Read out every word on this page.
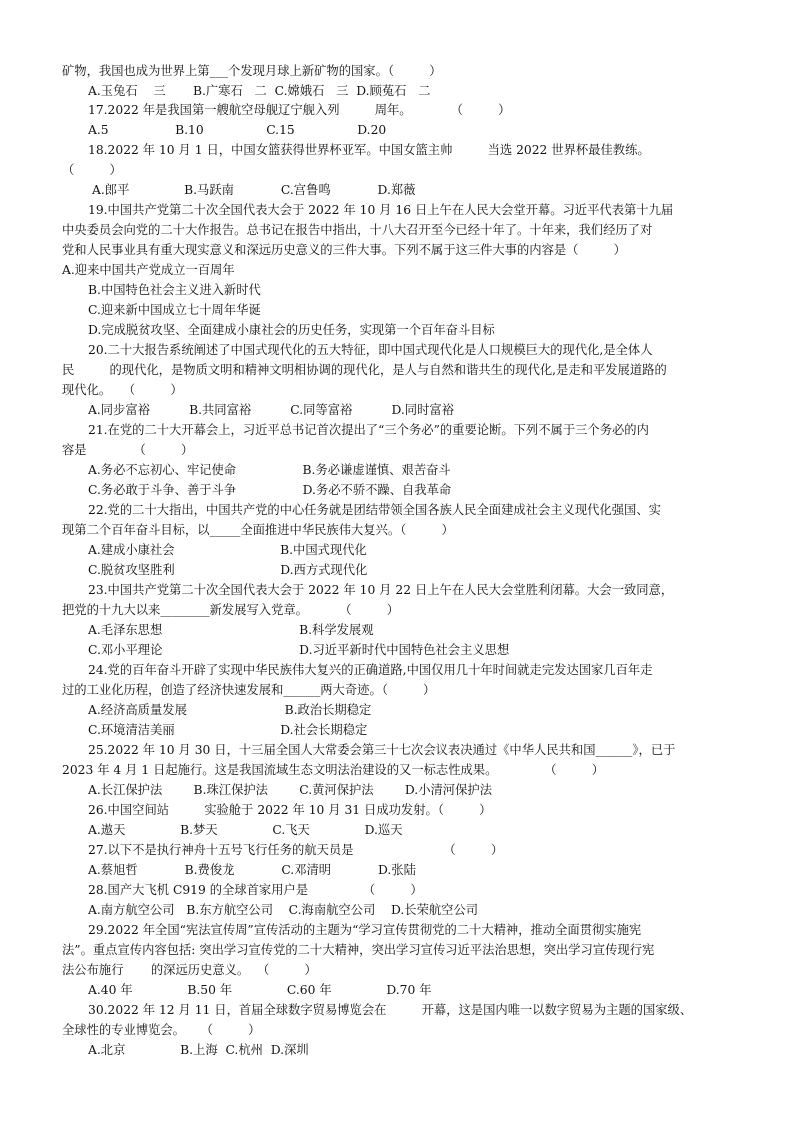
矿物，我国也成为世界上第___个发现月球上新矿物的国家。（         ）
A.玉兔石    三       B.广寒石   二  C.嫦娥石   三  D.顾菟石   二
17.2022 年是我国第一艘航空母舰辽宁舰入列         周年。          （         ）
A.5                 B.10                C.15                D.20
18.2022 年 10 月 1 日，中国女篮获得世界杯亚军。中国女篮主帅         当选 2022 世界杯最佳教练。
（         ）
A.郎平              B.马跃南            C.宫鲁鸣            D.郑薇
19.中国共产党第二十次全国代表大会于 2022 年 10 月 16 日上午在人民大会堂开幕。习近平代表第十九届
中央委员会向党的二十大作报告。总书记在报告中指出，十八大召开至今已经十年了。十年来，我们经历了对
党和人民事业具有重大现实意义和深远历史意义的三件大事。下列不属于这三件大事的内容是（         ）
A.迎来中国共产党成立一百周年
B.中国特色社会主义进入新时代
C.迎来新中国成立七十周年华诞
D.完成脱贫攻坚、全面建成小康社会的历史任务，实现第一个百年奋斗目标
20.二十大报告系统阐述了中国式现代化的五大特征，即中国式现代化是人口规模巨大的现代化,是全体人
民         的现代化，是物质文明和精神文明相协调的现代化，是人与自然和谐共生的现代化,是走和平发展道路的
现代化。   （         ）
A.同步富裕          B.共同富裕          C.同等富裕          D.同时富裕
21.在党的二十大开幕会上，习近平总书记首次提出了“三个务必”的重要论断。下列不属于三个务必的内
容是            （         ）
A.务必不忘初心、牢记使命                 B.务必谦虚谨慎、艰苦奋斗
C.务必敢于斗争、善于斗争                 D.务必不骄不躁、自我革命
22.党的二十大指出，中国共产党的中心任务就是团结带领全国各族人民全面建成社会主义现代化强国、实
现第二个百年奋斗目标，以_____全面推进中华民族伟大复兴。（         ）
A.建成小康社会                           B.中国式现代化
C.脱贫攻坚胜利                           D.西方式现代化
23.中国共产党第二十次全国代表大会于 2022 年 10 月 22 日上午在人民大会堂胜利闭幕。大会一致同意，
把党的十九大以来________新发展写入党章。        （         ）
A.毛泽东思想                                   B.科学发展观
C.邓小平理论                                   D.习近平新时代中国特色社会主义思想
24.党的百年奋斗开辟了实现中华民族伟大复兴的正确道路,中国仅用几十年时间就走完发达国家几百年走
过的工业化历程，创造了经济快速发展和______两大奇迹。（         ）
A.经济高质量发展                         B.政治长期稳定
C.环境清洁美丽                           D.社会长期稳定
25.2022 年 10 月 30 日，十三届全国人大常委会第三十七次会议表决通过《中华人民共和国______》，已于
2023 年 4 月 1 日起施行。这是我国流域生态文明法治建设的又一标志性成果。            （         ）
A.长江保护法        B.珠江保护法        C.黄河保护法        D.小清河保护法
26.中国空间站         实验舱于 2022 年 10 月 31 日成功发射。（         ）
A.遨天              B.梦天              C.飞天              D.巡天
27.以下不是执行神舟十五号飞行任务的航天员是                       （         ）
A.蔡旭哲            B.费俊龙            C.邓清明            D.张陆
28.国产大飞机 C919 的全球首家用户是              （         ）
A.南方航空公司   B.东方航空公司    C.海南航空公司    D.长荣航空公司
29.2022 年全国“宪法宣传周”宣传活动的主题为“学习宣传贯彻党的二十大精神，推动全面贯彻实施宪
法”。重点宣传内容包括: 突出学习宣传党的二十大精神，突出学习宣传习近平法治思想，突出学习宣传现行宪
法公布施行       的深远历史意义。  （         ）
A.40 年              B.50 年              C.60 年              D.70 年
30.2022 年 12 月 11 日，首届全球数字贸易博览会在         开幕，这是国内唯一以数字贸易为主题的国家级、
全球性的专业博览会。    （         ）
A.北京              B.上海  C.杭州  D.深圳
